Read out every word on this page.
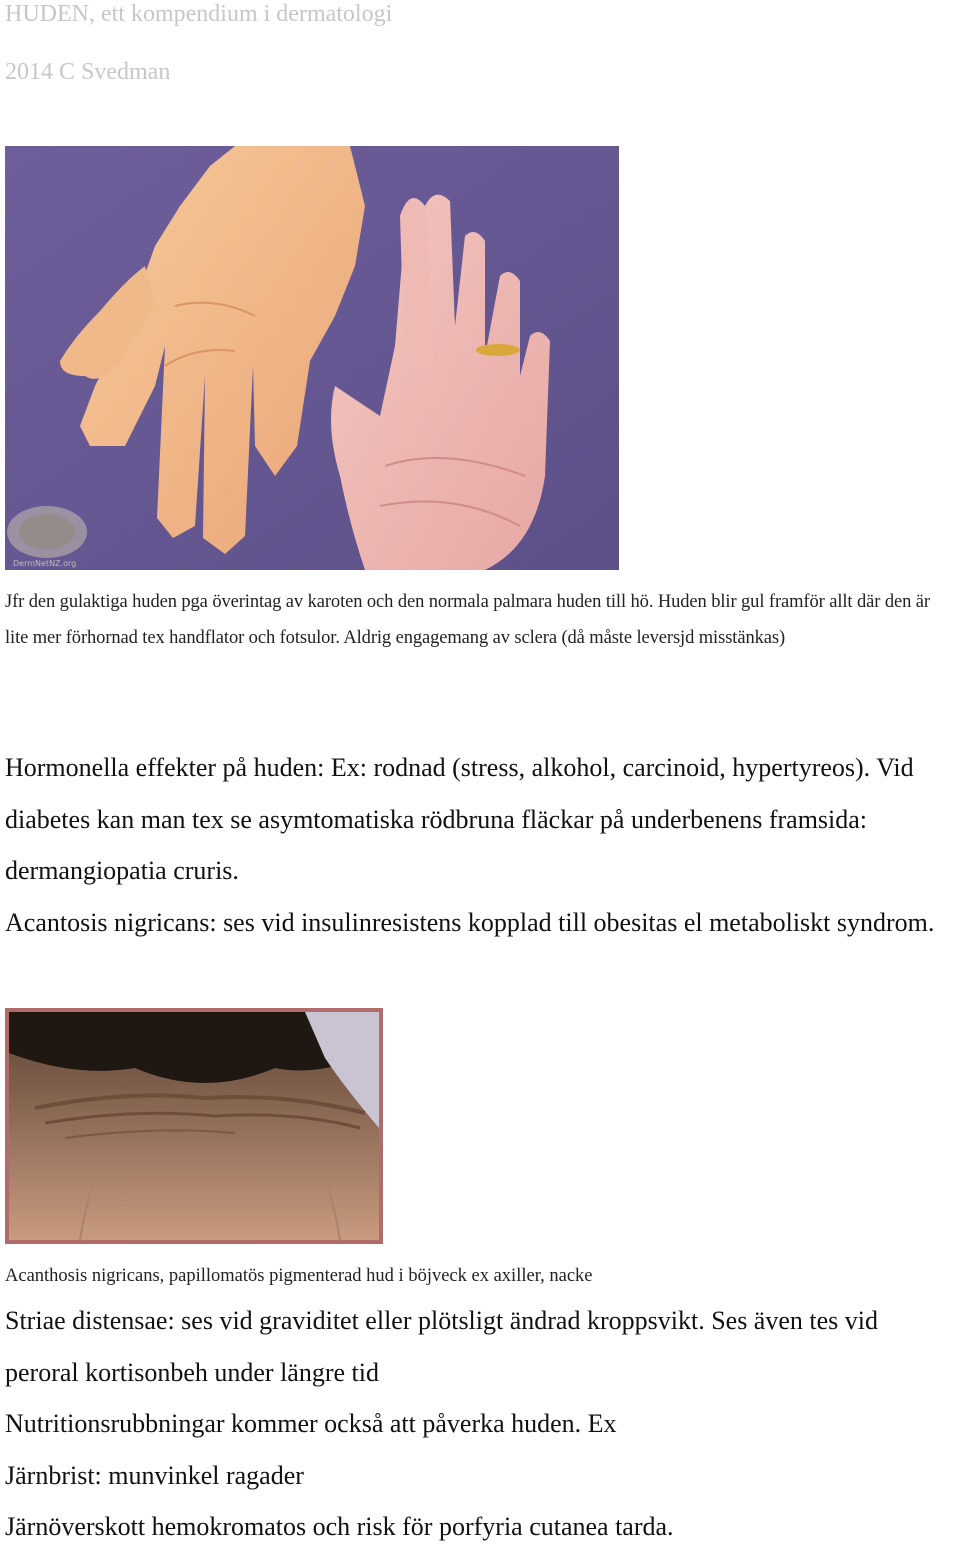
HUDEN, ett kompendium i dermatologi
2014 C Svedman
DermNetNZ.org
Jfr den gulaktiga huden pga överintag av karoten och den normala palmara huden till hö. Huden blir gul framför allt där den är lite mer förhornad tex handflator och fotsulor. Aldrig engagemang av sclera (då måste leversjd misstänkas)

Hormonella effekter på huden: Ex: rodnad (stress, alkohol, carcinoid, hypertyreos). Vid diabetes kan man tex se asymtomatiska rödbruna fläckar på underbenens framsida: dermangiopatia cruris.

Acantosis nigricans: ses vid insulinresistens kopplad till obesitas el metaboliskt syndrom.

Acanthosis nigricans, papillomatös pigmenterad hud i böjveck ex axiller, nacke

Striae distensae: ses vid graviditet eller plötsligt ändrad kroppsvikt. Ses även tes vid peroral kortisonbeh under längre tid

Nutritionsrubbningar kommer också att påverka huden. Ex

Järnbrist: munvinkel ragader

Järnöverskott hemokromatos och risk för porfyria cutanea tarda.
